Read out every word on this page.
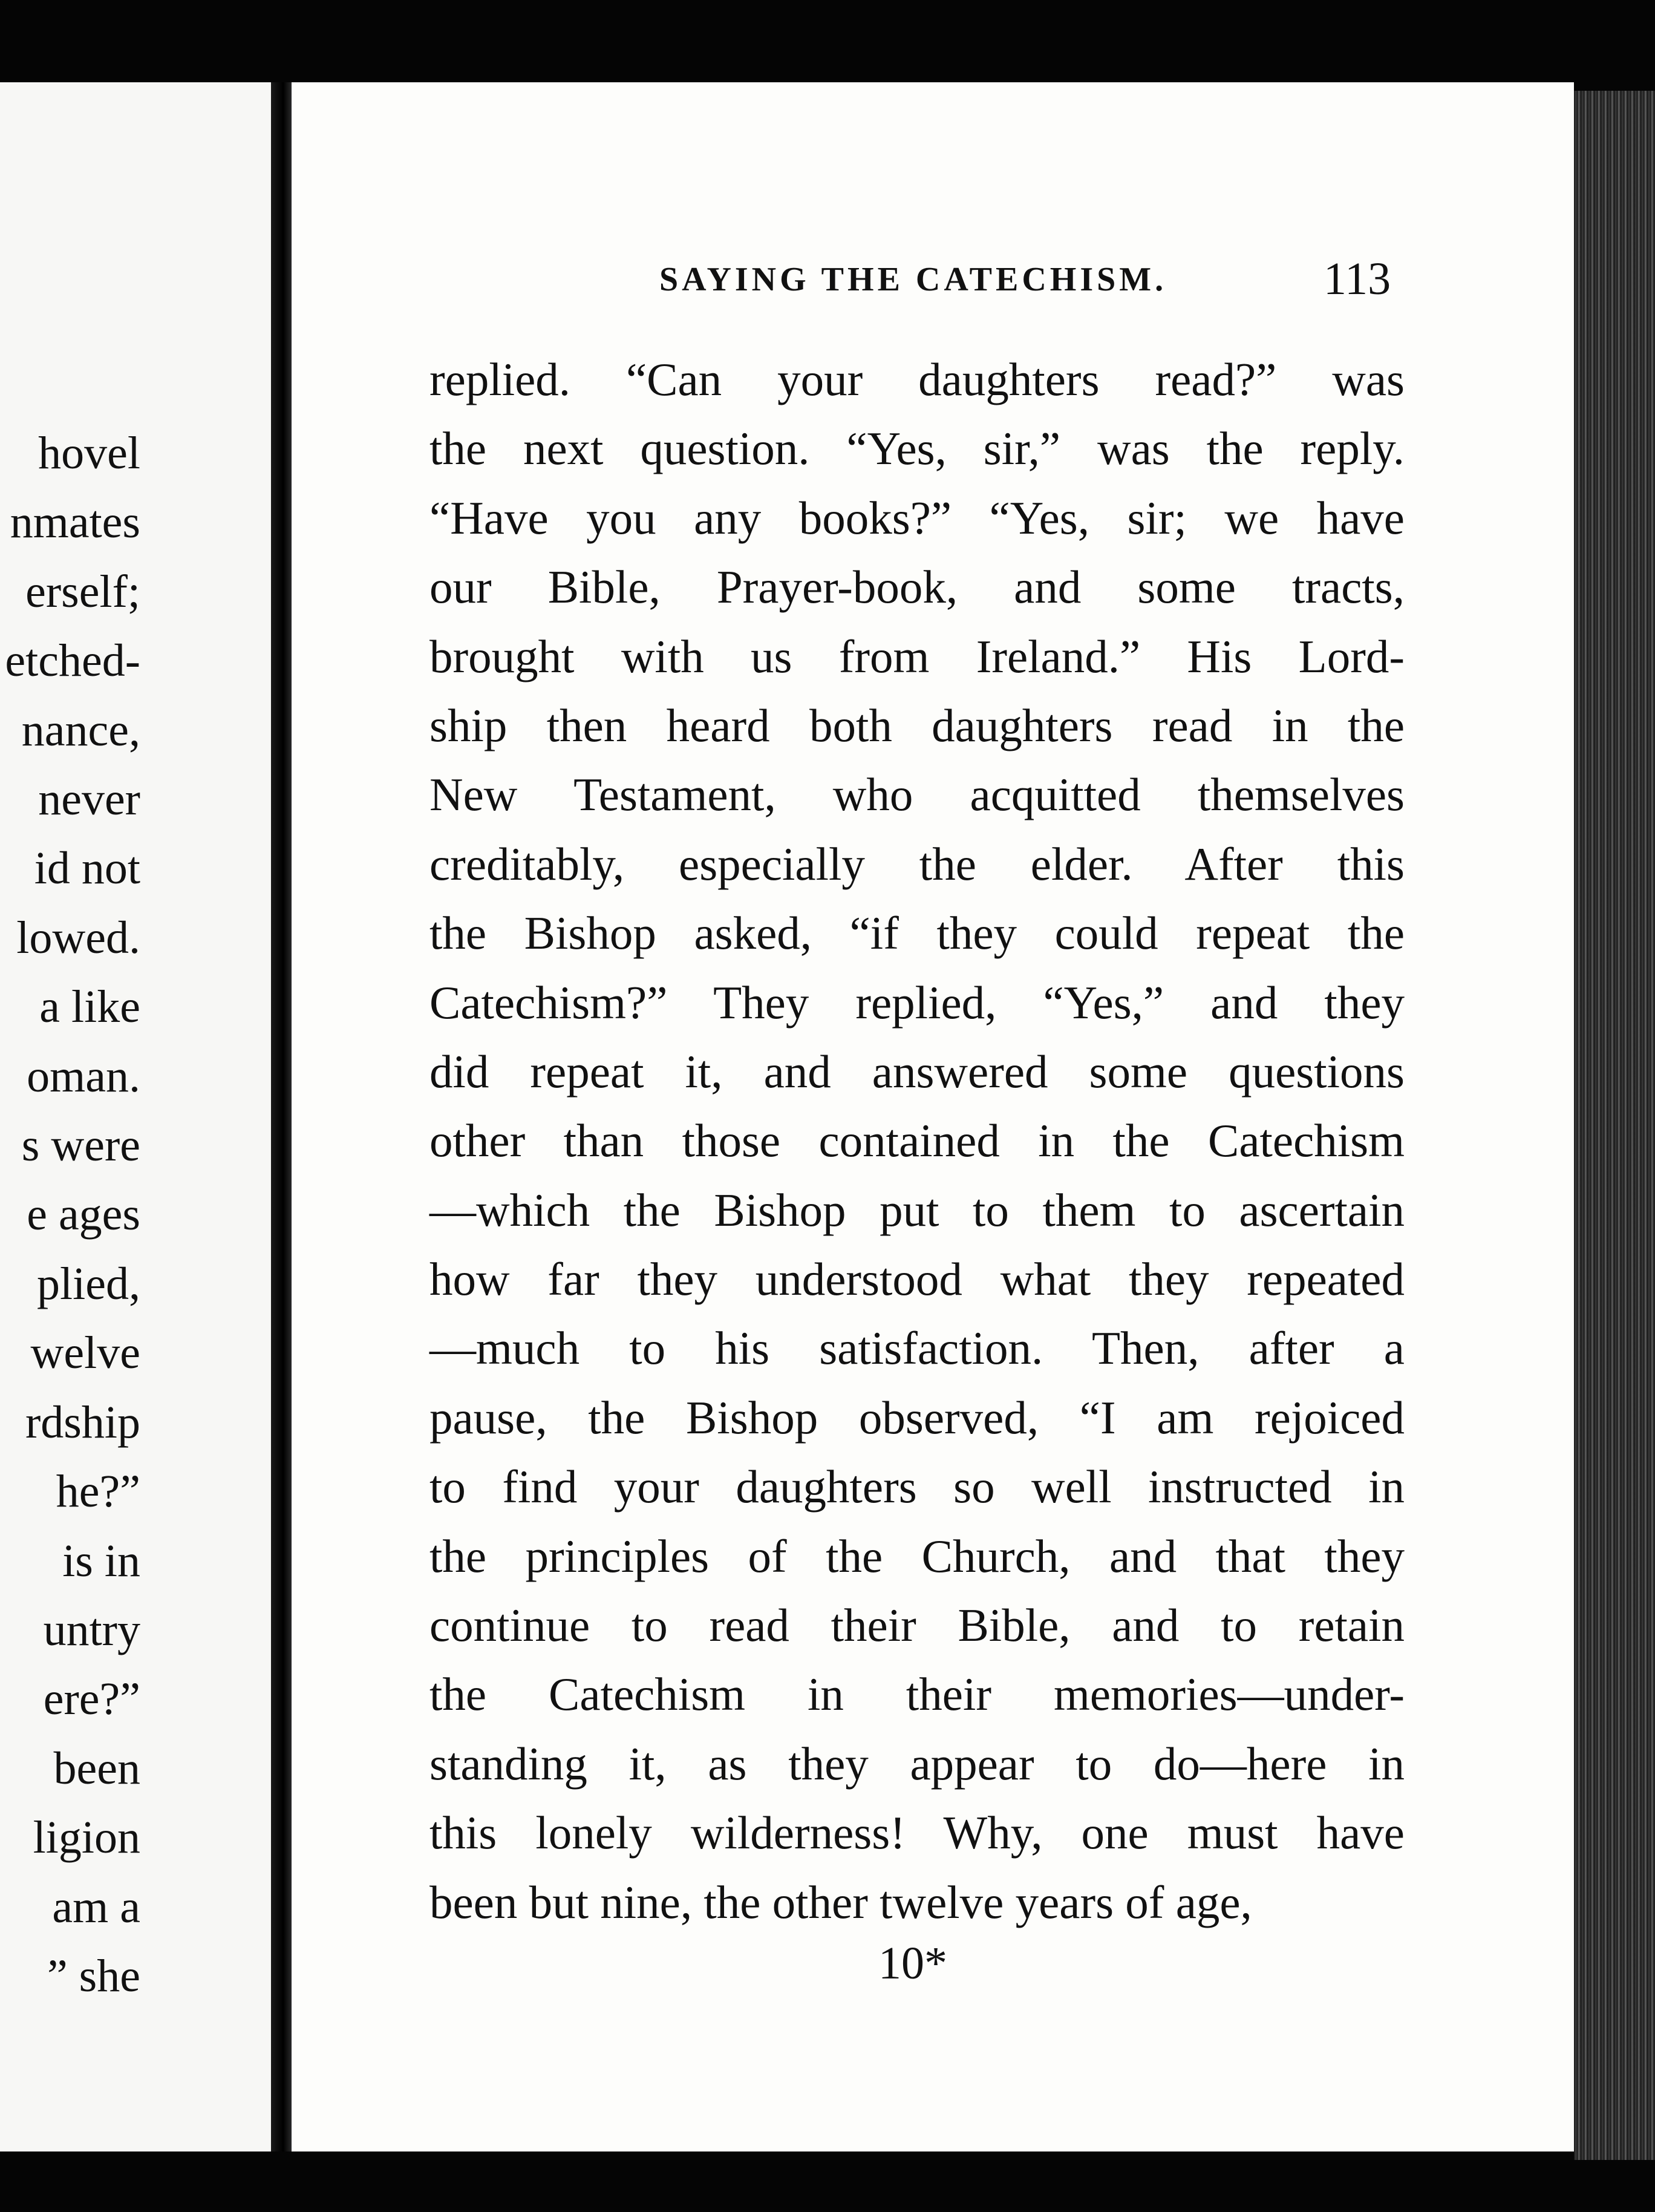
hovel
nmates
erself;
etched-
nance,
never
id not
lowed.
a like
oman.
s were
e ages
plied,
welve
rdship
he?”
is in
untry
ere?”
been
ligion
am a
” she
SAYING THE CATECHISM.	113
replied. “Can your daughters read?” was
the next question. “Yes, sir,” was the reply.
“Have you any books?” “Yes, sir; we have
our Bible, Prayer-book, and some tracts,
brought with us from Ireland.” His Lord-
ship then heard both daughters read in the
New Testament, who acquitted themselves
creditably, especially the elder. After this
the Bishop asked, “if they could repeat the
Catechism?” They replied, “Yes,” and they
did repeat it, and answered some questions
other than those contained in the Catechism
—which the Bishop put to them to ascertain
how far they understood what they repeated
—much to his satisfaction. Then, after a
pause, the Bishop observed, “I am rejoiced
to find your daughters so well instructed in
the principles of the Church, and that they
continue to read their Bible, and to retain
the Catechism in their memories—under-
standing it, as they appear to do—here in
this lonely wilderness! Why, one must have
been but nine, the other twelve years of age,
10*
